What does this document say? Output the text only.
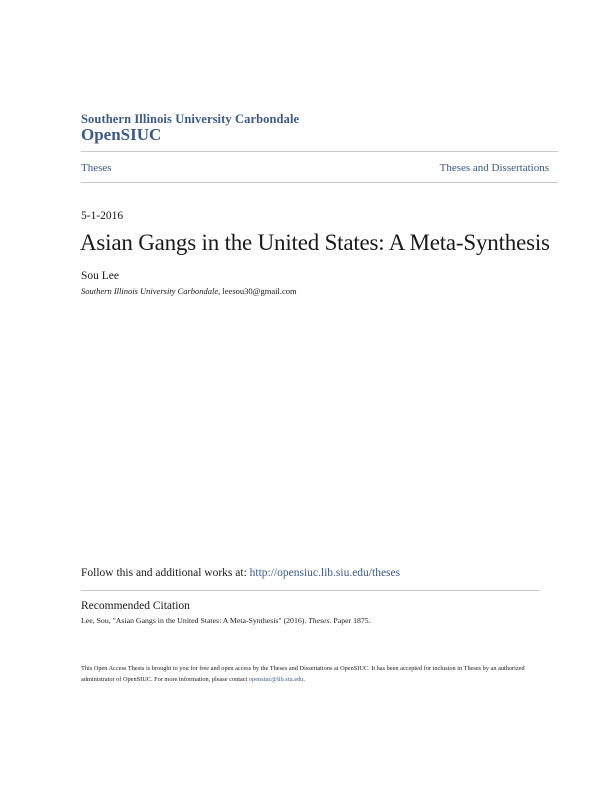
Southern Illinois University Carbondale
OpenSIUC
Theses	Theses and Dissertations
5-1-2016
Asian Gangs in the United States: A Meta-Synthesis
Sou Lee
Southern Illinois University Carbondale, leesou30@gmail.com
Follow this and additional works at: http://opensiuc.lib.siu.edu/theses
Recommended Citation
Lee, Sou, "Asian Gangs in the United States: A Meta-Synthesis" (2016). Theses. Paper 1875.
This Open Access Thesis is brought to you for free and open access by the Theses and Dissertations at OpenSIUC. It has been accepted for inclusion in Theses by an authorized administrator of OpenSIUC. For more information, please contact opensiuc@lib.siu.edu.
